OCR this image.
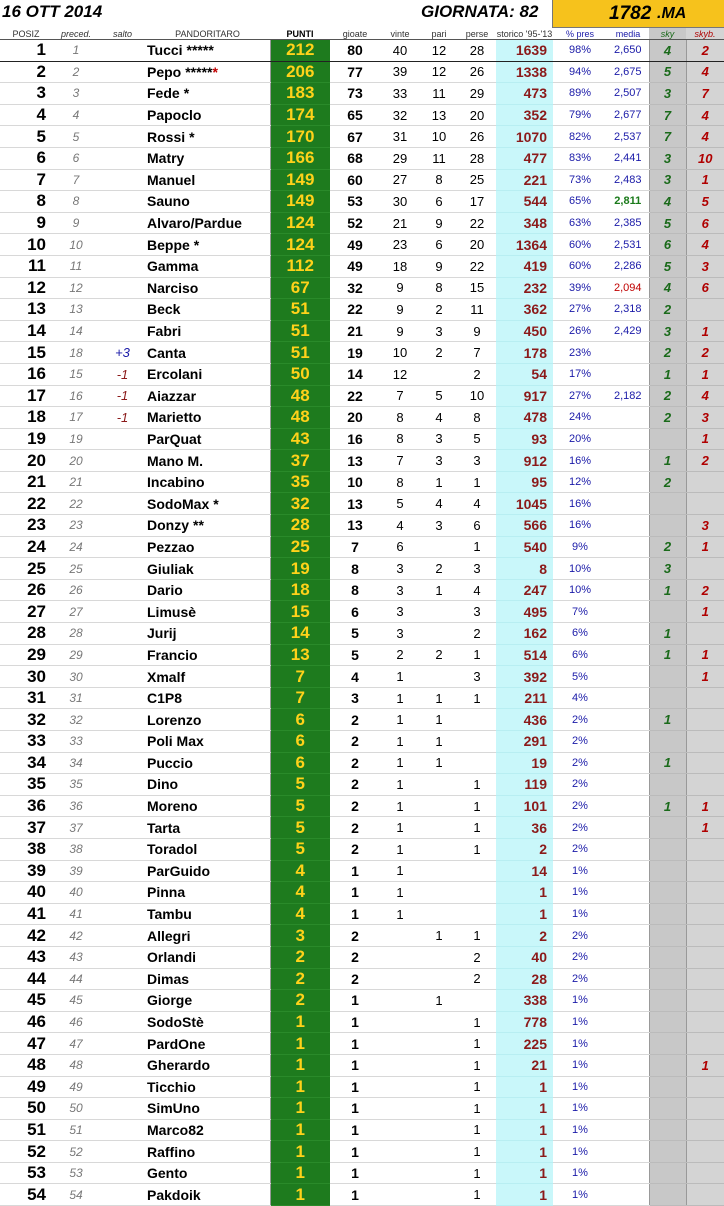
16 OTT 2014	GIORNATA: 82	1782 .MA
POSIZ	preced.	salto	PANDORITARO	PUNTI	gioate	vinte	pari	perse	storico '95-'13	% pres	media	sky	skyb.
1	1		Tucci *****	212	80	40	12	28	1639	98%	2,650	4	2
2	2		Pepo ******	206	77	39	12	26	1338	94%	2,675	5	4
3	3		Fede *	183	73	33	11	29	473	89%	2,507	3	7
4	4		Papoclo	174	65	32	13	20	352	79%	2,677	7	4
5	5		Rossi *	170	67	31	10	26	1070	82%	2,537	7	4
6	6		Matry	166	68	29	11	28	477	83%	2,441	3	10
7	7		Manuel	149	60	27	8	25	221	73%	2,483	3	1
8	8		Sauno	149	53	30	6	17	544	65%	2,811	4	5
9	9		Alvaro/Pardue	124	52	21	9	22	348	63%	2,385	5	6
10	10		Beppe *	124	49	23	6	20	1364	60%	2,531	6	4
11	11		Gamma	112	49	18	9	22	419	60%	2,286	5	3
12	12		Narciso	67	32	9	8	15	232	39%	2,094	4	6
13	13		Beck	51	22	9	2	11	362	27%	2,318	2	
14	14		Fabri	51	21	9	3	9	450	26%	2,429	3	1
15	18	+3	Canta	51	19	10	2	7	178	23%		2	2
16	15	-1	Ercolani	50	14	12		2	54	17%		1	1
17	16	-1	Aiazzar	48	22	7	5	10	917	27%	2,182	2	4
18	17	-1	Marietto	48	20	8	4	8	478	24%		2	3
19	19		ParQuat	43	16	8	3	5	93	20%			1
20	20		Mano M.	37	13	7	3	3	912	16%		1	2
21	21		Incabino	35	10	8	1	1	95	12%		2	
22	22		SodoMax *	32	13	5	4	4	1045	16%			
23	23		Donzy **	28	13	4	3	6	566	16%			3
24	24		Pezzao	25	7	6		1	540	9%		2	1
25	25		Giuliak	19	8	3	2	3	8	10%		3	
26	26		Dario	18	8	3	1	4	247	10%		1	2
27	27		Limusè	15	6	3		3	495	7%			1
28	28		Jurij	14	5	3		2	162	6%		1	
29	29		Francio	13	5	2	2	1	514	6%		1	1
30	30		Xmalf	7	4	1		3	392	5%			1
31	31		C1P8	7	3	1	1	1	211	4%			
32	32		Lorenzo	6	2	1	1		436	2%		1	
33	33		Poli Max	6	2	1	1		291	2%			
34	34		Puccio	6	2	1	1		19	2%		1	
35	35		Dino	5	2	1		1	119	2%			
36	36		Moreno	5	2	1		1	101	2%		1	1
37	37		Tarta	5	2	1		1	36	2%			1
38	38		Toradol	5	2	1		1	2	2%			
39	39		ParGuido	4	1	1			14	1%			
40	40		Pinna	4	1	1			1	1%			
41	41		Tambu	4	1	1			1	1%			
42	42		Allegri	3	2		1	1	2	2%			
43	43		Orlandi	2	2			2	40	2%			
44	44		Dimas	2	2			2	28	2%			
45	45		Giorge	2	1		1		338	1%			
46	46		SodoStè	1	1			1	778	1%			
47	47		PardOne	1	1			1	225	1%			
48	48		Gherardo	1	1			1	21	1%			1
49	49		Ticchio	1	1			1	1	1%			
50	50		SimUno	1	1			1	1	1%			
51	51		Marco82	1	1			1	1	1%			
52	52		Raffino	1	1			1	1	1%			
53	53		Gento	1	1			1	1	1%			
54	54		Pakdoik	1	1			1	1	1%			
